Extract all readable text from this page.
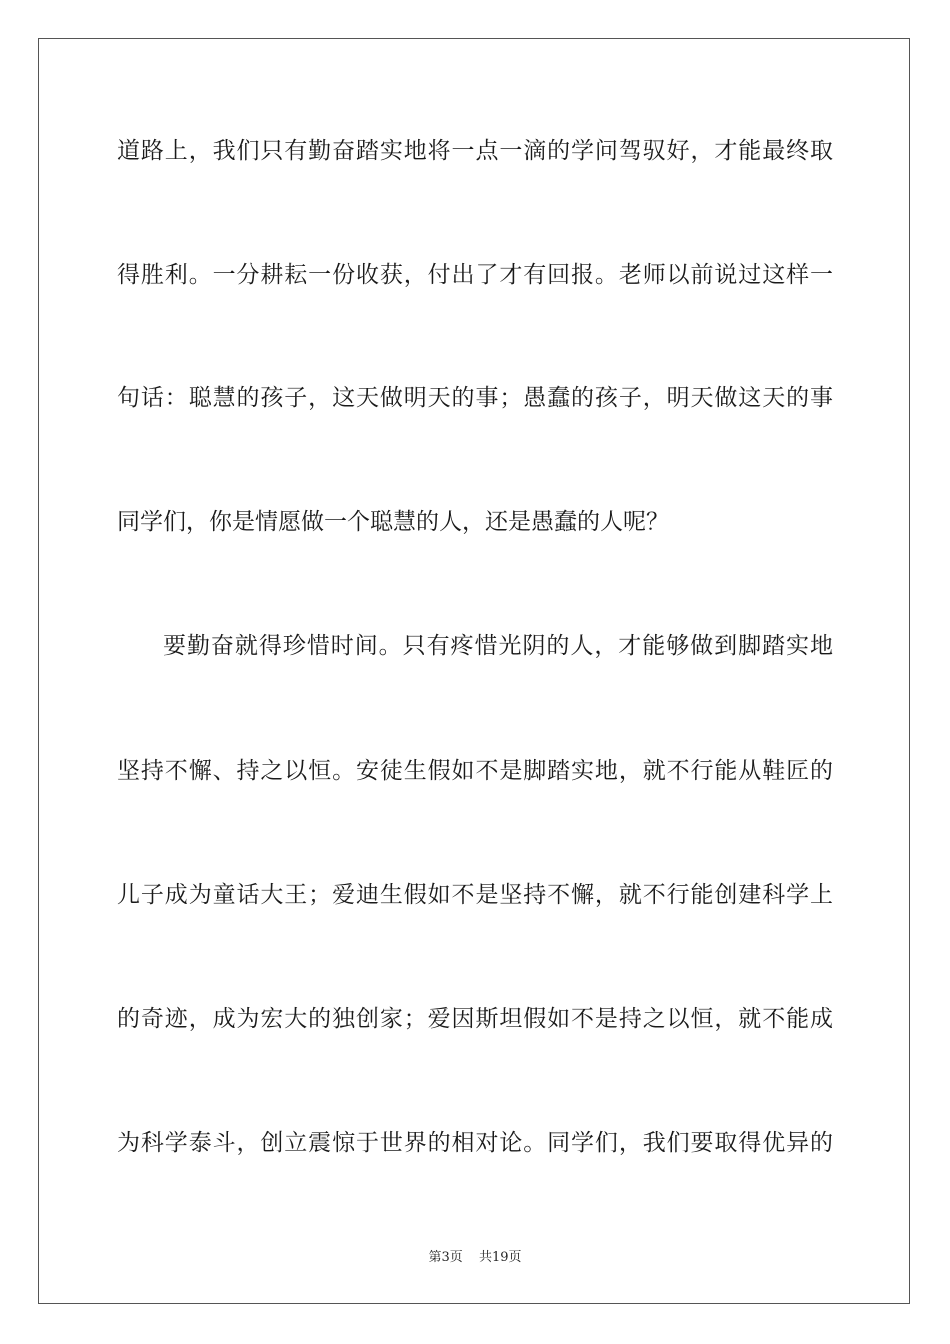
道路上，我们只有勤奋踏实地将一点一滴的学问驾驭好，才能最终取
得胜利。一分耕耘一份收获，付出了才有回报。老师以前说过这样一
句话：聪慧的孩子，这天做明天的事；愚蠢的孩子，明天做这天的事
同学们，你是情愿做一个聪慧的人，还是愚蠢的人呢？
要勤奋就得珍惜时间。只有疼惜光阴的人，才能够做到脚踏实地
坚持不懈、持之以恒。安徒生假如不是脚踏实地，就不行能从鞋匠的
儿子成为童话大王；爱迪生假如不是坚持不懈，就不行能创建科学上
的奇迹，成为宏大的独创家；爱因斯坦假如不是持之以恒，就不能成
为科学泰斗，创立震惊于世界的相对论。同学们，我们要取得优异的
第3页 共19页
